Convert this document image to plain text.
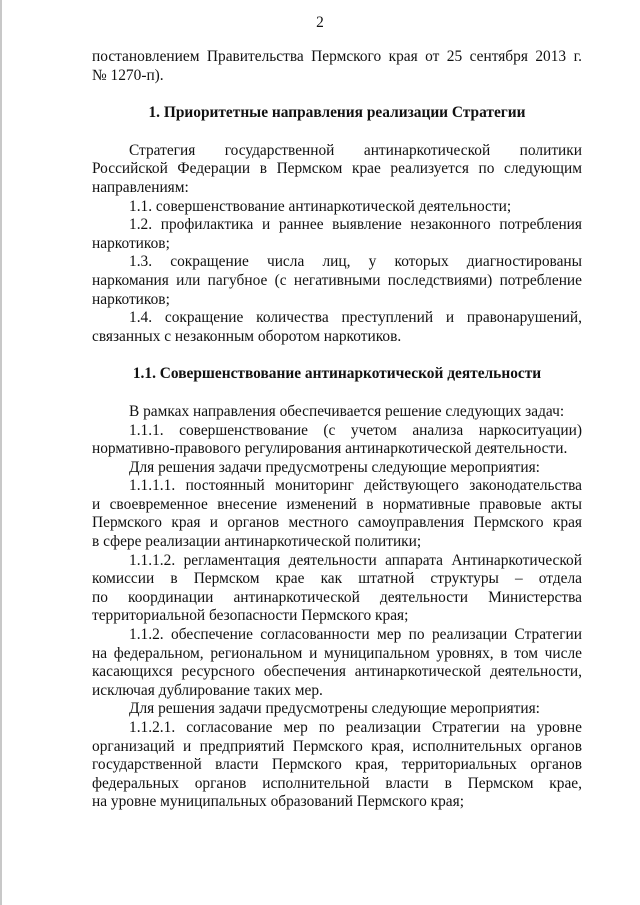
2
постановлением Правительства Пермского края от 25 сентября 2013 г.
№ 1270-п).
1. Приоритетные направления реализации Стратегии
Стратегия государственной антинаркотической политики
Российской Федерации в Пермском крае реализуется по следующим
направлениям:
1.1. совершенствование антинаркотической деятельности;
1.2. профилактика и раннее выявление незаконного потребления
наркотиков;
1.3. сокращение числа лиц, у которых диагностированы
наркомания или пагубное (с негативными последствиями) потребление
наркотиков;
1.4. сокращение количества преступлений и правонарушений,
связанных с незаконным оборотом наркотиков.
1.1. Совершенствование антинаркотической деятельности
В рамках направления обеспечивается решение следующих задач:
1.1.1. совершенствование (с учетом анализа наркоситуации)
нормативно-правового регулирования антинаркотической деятельности.
Для решения задачи предусмотрены следующие мероприятия:
1.1.1.1. постоянный мониторинг действующего законодательства
и своевременное внесение изменений в нормативные правовые акты
Пермского края и органов местного самоуправления Пермского края
в сфере реализации антинаркотической политики;
1.1.1.2. регламентация деятельности аппарата Антинаркотической
комиссии в Пермском крае как штатной структуры – отдела
по координации антинаркотической деятельности Министерства
территориальной безопасности Пермского края;
1.1.2. обеспечение согласованности мер по реализации Стратегии
на федеральном, региональном и муниципальном уровнях, в том числе
касающихся ресурсного обеспечения антинаркотической деятельности,
исключая дублирование таких мер.
Для решения задачи предусмотрены следующие мероприятия:
1.1.2.1. согласование мер по реализации Стратегии на уровне
организаций и предприятий Пермского края, исполнительных органов
государственной власти Пермского края, территориальных органов
федеральных органов исполнительной власти в Пермском крае,
на уровне муниципальных образований Пермского края;
